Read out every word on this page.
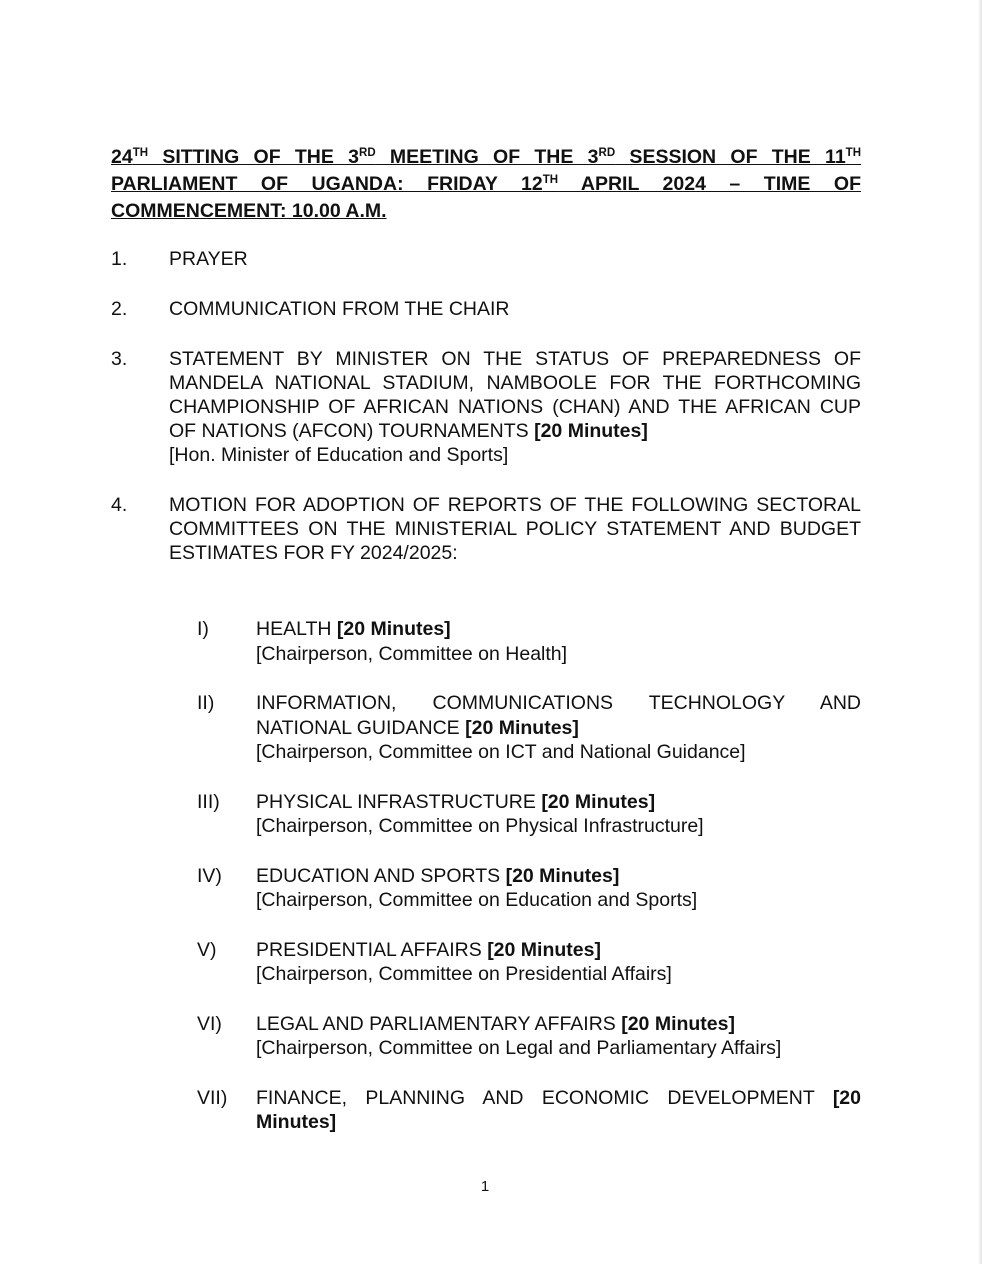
24TH SITTING OF THE 3RD MEETING OF THE 3RD SESSION OF THE 11TH PARLIAMENT OF UGANDA: FRIDAY 12TH APRIL 2024 – TIME OF COMMENCEMENT: 10.00 A.M.
1. PRAYER
2. COMMUNICATION FROM THE CHAIR
3. STATEMENT BY MINISTER ON THE STATUS OF PREPAREDNESS OF MANDELA NATIONAL STADIUM, NAMBOOLE FOR THE FORTHCOMING CHAMPIONSHIP OF AFRICAN NATIONS (CHAN) AND THE AFRICAN CUP OF NATIONS (AFCON) TOURNAMENTS [20 Minutes]
[Hon. Minister of Education and Sports]
4. MOTION FOR ADOPTION OF REPORTS OF THE FOLLOWING SECTORAL COMMITTEES ON THE MINISTERIAL POLICY STATEMENT AND BUDGET ESTIMATES FOR FY 2024/2025:
I) HEALTH [20 Minutes]
[Chairperson, Committee on Health]
II) INFORMATION, COMMUNICATIONS TECHNOLOGY AND NATIONAL GUIDANCE [20 Minutes]
[Chairperson, Committee on ICT and National Guidance]
III) PHYSICAL INFRASTRUCTURE [20 Minutes]
[Chairperson, Committee on Physical Infrastructure]
IV) EDUCATION AND SPORTS [20 Minutes]
[Chairperson, Committee on Education and Sports]
V) PRESIDENTIAL AFFAIRS [20 Minutes]
[Chairperson, Committee on Presidential Affairs]
VI) LEGAL AND PARLIAMENTARY AFFAIRS [20 Minutes]
[Chairperson, Committee on Legal and Parliamentary Affairs]
VII) FINANCE, PLANNING AND ECONOMIC DEVELOPMENT [20 Minutes]
1
